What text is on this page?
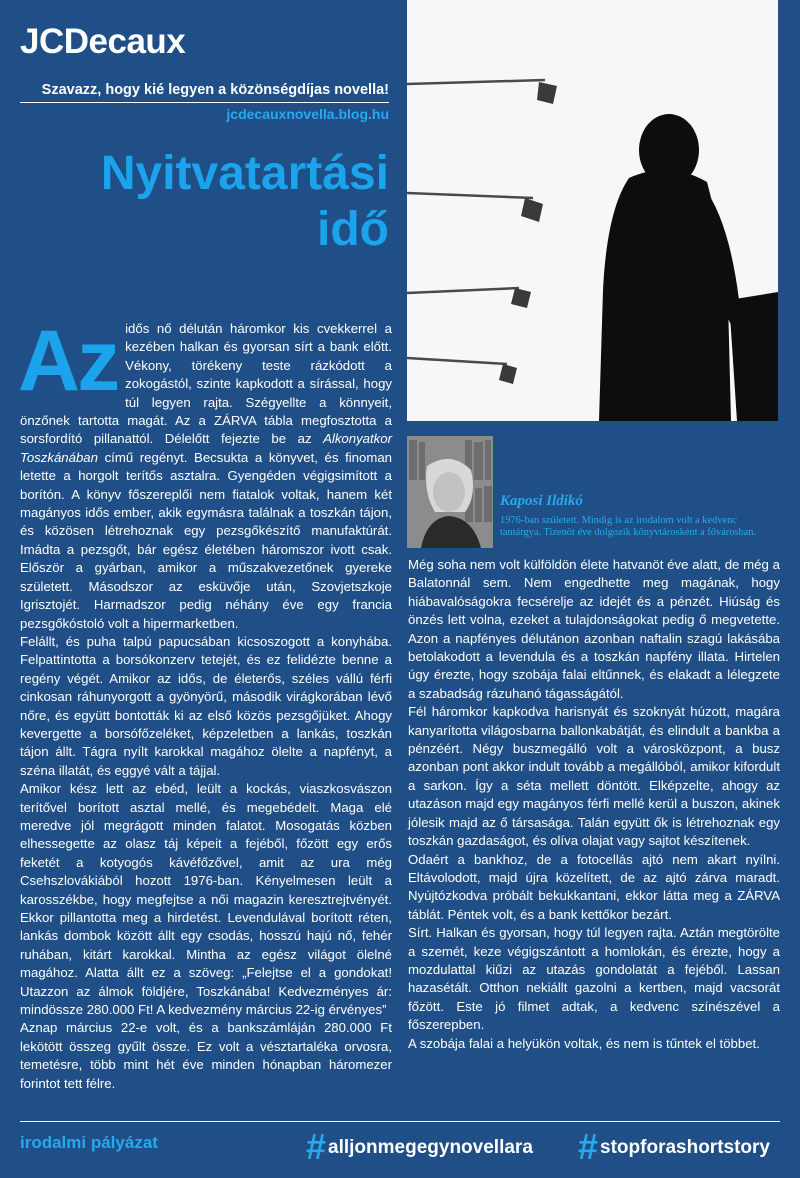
JCDecaux
Szavazz, hogy kié legyen a közönségdíjas novella!
jcdecauxnovella.blog.hu
Nyitvatartási
idő
Kaposi Ildikó
1976-ban született. Mindig is az irodalom volt a kedvenc tantárgya. Tizenöt éve dolgozik könyvtárosként a fővárosban.

Az idős nő délután háromkor kis cvekkerrel a kezében halkan és gyorsan sírt a bank előtt. Vékony, törékeny teste rázkódott a zokogástól, szinte kapkodott a sírással, hogy túl legyen rajta. Szégyellte a könnyeit, önzőnek tartotta magát. Az a ZÁRVA tábla megfosztotta a sorsfordító pillanattól. Délelőtt fejezte be az Alkonyatkor Toszkánában című regényt. Becsukta a könyvet, és finoman letette a horgolt terítős asztalra. Gyengéden végigsimított a borítón. A könyv főszereplői nem fiatalok voltak, hanem két magányos idős ember, akik egymásra találnak a toszkán tájon, és közösen létrehoznak egy pezsgőkészítő manufaktúrát. Imádta a pezsgőt, bár egész életében háromszor ivott csak. Először a gyárban, amikor a műszakvezetőnek gyereke született. Másodszor az esküvője után, Szovjetszkoje Igrisztojét. Harmadszor pedig néhány éve egy francia pezsgőkóstoló volt a hipermarketben.

Felállt, és puha talpú papucsában kicsoszogott a konyhába. Felpattintotta a borsókonzerv tetejét, és ez felidézte benne a regény végét. Amikor az idős, de életerős, széles vállú férfi cinkosan ráhunyorgott a gyönyörű, második virágkorában lévő nőre, és együtt bontották ki az első közös pezsgőjüket. Ahogy kevergette a borsófőzeléket, képzeletben a lankás, toszkán tájon állt. Tágra nyílt karokkal magához ölelte a napfényt, a széna illatát, és eggyé vált a tájjal.

Amikor kész lett az ebéd, leült a kockás, viaszkosvászon terítővel borított asztal mellé, és megebédelt. Maga elé meredve jól megrágott minden falatot. Mosogatás közben elhessegette az olasz táj képeit a fejéből, főzött egy erős feketét a kotyogós kávéfőzővel, amit az ura még Csehszlovákiából hozott 1976-ban. Kényelmesen leült a karosszékbe, hogy megfejtse a női magazin keresztrejtvényét. Ekkor pillantotta meg a hirdetést. Levendulával borított réten, lankás dombok között állt egy csodás, hosszú hajú nő, fehér ruhában, kitárt karokkal. Mintha az egész világot ölelné magához. Alatta állt ez a szöveg: „Felejtse el a gondokat! Utazzon az álmok földjére, Toszkánába! Kedvezményes ár: mindössze 280.000 Ft! A kedvezmény március 22-ig érvényes”

Aznap március 22-e volt, és a bankszámláján 280.000 Ft lekötött összeg gyűlt össze. Ez volt a vésztartaléka orvosra, temetésre, több mint hét éve minden hónapban háromezer forintot tett félre.

Még soha nem volt külföldön élete hatvanöt éve alatt, de még a Balatonnál sem. Nem engedhette meg magának, hogy hiábavalóságokra fecsérelje az idejét és a pénzét. Hiúság és önzés lett volna, ezeket a tulajdonságokat pedig ő megvetette. Azon a napfényes délutánon azonban naftalin szagú lakásába betolakodott a levendula és a toszkán napfény illata. Hirtelen úgy érezte, hogy szobája falai eltűnnek, és elakadt a lélegzete a szabadság rázuhanó tágasságától.

Fél háromkor kapkodva harisnyát és szoknyát húzott, magára kanyarította világosbarna ballonkabátját, és elindult a bankba a pénzéért. Négy buszmegálló volt a városközpont, a busz azonban pont akkor indult tovább a megállóból, amikor kifordult a sarkon. Így a séta mellett döntött. Elképzelte, ahogy az utazáson majd egy magányos férfi mellé kerül a buszon, akinek jólesik majd az ő társasága. Talán együtt ők is létrehoznak egy toszkán gazdaságot, és olíva olajat vagy sajtot készítenek.

Odaért a bankhoz, de a fotocellás ajtó nem akart nyílni. Eltávolodott, majd újra közelített, de az ajtó zárva maradt. Nyújtózkodva próbált bekukkantani, ekkor látta meg a ZÁRVA táblát. Péntek volt, és a bank kettőkor bezárt.

Sírt. Halkan és gyorsan, hogy túl legyen rajta. Aztán megtörölte a szemét, keze végigszántott a homlokán, és érezte, hogy a mozdulattal kiűzi az utazás gondolatát a fejéből. Lassan hazasétált. Otthon nekiállt gazolni a kertben, majd vacsorát főzött. Este jó filmet adtak, a kedvenc színészével a főszerepben.

A szobája falai a helyükön voltak, és nem is tűntek el többet.

irodalmi pályázat	# alljonmegegynovellara # stopforashortstory
